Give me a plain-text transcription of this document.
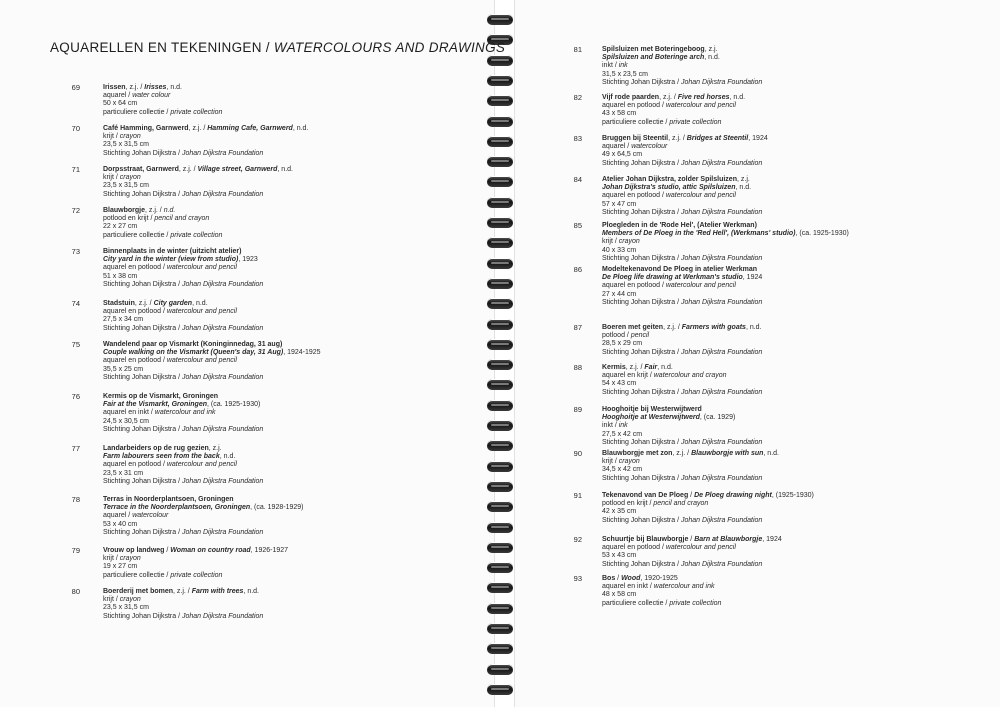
AQUARELLEN EN TEKENINGEN / WATERCOLOURS AND DRAWINGS
69	Irissen, z.j. / Irisses, n.d.
aquarel / water colour
50 x 64 cm
particuliere collectie / private collection
70	Café Hamming, Garnwerd, z.j. / Hamming Cafe, Garnwerd, n.d.
krijt / crayon
23,5 x 31,5 cm
Stichting Johan Dijkstra / Johan Dijkstra Foundation
71	Dorpsstraat, Garnwerd, z.j. / Village street, Garnwerd, n.d.
krijt / crayon
23,5 x 31,5 cm
Stichting Johan Dijkstra / Johan Dijkstra Foundation
72	Blauwborgje, z.j. / n.d.
potlood en krijt / pencil and crayon
22 x 27 cm
particuliere collectie / private collection
73	Binnenplaats in de winter (uitzicht atelier)
City yard in the winter (view from studio), 1923
aquarel en potlood / watercolour and pencil
51 x 38 cm
Stichting Johan Dijkstra / Johan Dijkstra Foundation
74	Stadstuin, z.j. / City garden, n.d.
aquarel en potlood / watercolour and pencil
27,5 x 34 cm
Stichting Johan Dijkstra / Johan Dijkstra Foundation
75	Wandelend paar op Vismarkt (Koninginnedag, 31 aug)
Couple walking on the Vismarkt (Queen's day, 31 Aug), 1924-1925
aquarel en potlood / watercolour and pencil
35,5 x 25 cm
Stichting Johan Dijkstra / Johan Dijkstra Foundation
76	Kermis op de Vismarkt, Groningen
Fair at the Vismarkt, Groningen, (ca. 1925-1930)
aquarel en inkt / watercolour and ink
24,5 x 30,5 cm
Stichting Johan Dijkstra / Johan Dijkstra Foundation
77	Landarbeiders op de rug gezien, z.j.
Farm labourers seen from the back, n.d.
aquarel en potlood / watercolour and pencil
23,5 x 31 cm
Stichting Johan Dijkstra / Johan Dijkstra Foundation
78	Terras in Noorderplantsoen, Groningen
Terrace in the Noorderplantsoen, Groningen, (ca. 1928-1929)
aquarel / watercolour
53 x 40 cm
Stichting Johan Dijkstra / Johan Dijkstra Foundation
79	Vrouw op landweg / Woman on country road, 1926-1927
krijt / crayon
19 x 27 cm
particuliere collectie / private collection
80	Boerderij met bomen, z.j. / Farm with trees, n.d.
krijt / crayon
23,5 x 31,5 cm
Stichting Johan Dijkstra / Johan Dijkstra Foundation
81	Spilsluizen met Boteringeboog, z.j.
Spilsluizen and Boteringe arch, n.d.
inkt / ink
31,5 x 23,5 cm
Stichting Johan Dijkstra / Johan Dijkstra Foundation
82	Vijf rode paarden, z.j. / Five red horses, n.d.
aquarel en potlood / watercolour and pencil
43 x 58 cm
particuliere collectie / private collection
83	Bruggen bij Steentil, z.j. / Bridges at Steentil, 1924
aquarel / watercolour
49 x 64,5 cm
Stichting Johan Dijkstra / Johan Dijkstra Foundation
84	Atelier Johan Dijkstra, zolder Spilsluizen, z.j.
Johan Dijkstra's studio, attic Spilsluizen, n.d.
aquarel en potlood / watercolour and pencil
57 x 47 cm
Stichting Johan Dijkstra / Johan Dijkstra Foundation
85	Ploegleden in de 'Rode Hel', (Atelier Werkman)
Members of De Ploeg in the 'Red Hell', (Werkmans' studio), (ca. 1925-1930)
krijt / crayon
40 x 33 cm
Stichting Johan Dijkstra / Johan Dijkstra Foundation
86	Modeltekenavond De Ploeg in atelier Werkman
De Ploeg life drawing at Werkman's studio, 1924
aquarel en potlood / watercolour and pencil
27 x 44 cm
Stichting Johan Dijkstra / Johan Dijkstra Foundation
87	Boeren met geiten, z.j. / Farmers with goats, n.d.
potlood / pencil
28,5 x 29 cm
Stichting Johan Dijkstra / Johan Dijkstra Foundation
88	Kermis, z.j. / Fair, n.d.
aquarel en krijt / watercolour and crayon
54 x 43 cm
Stichting Johan Dijkstra / Johan Dijkstra Foundation
89	Hooghoitje bij Westerwijtwerd
Hooghoitje at Westerwijtwerd, (ca. 1929)
inkt / ink
27,5 x 42 cm
Stichting Johan Dijkstra / Johan Dijkstra Foundation
90	Blauwborgje met zon, z.j. / Blauwborgje with sun, n.d.
krijt / crayon
34,5 x 42 cm
Stichting Johan Dijkstra / Johan Dijkstra Foundation
91	Tekenavond van De Ploeg / De Ploeg drawing night, (1925-1930)
potlood en krijt / pencil and crayon
42 x 35 cm
Stichting Johan Dijkstra / Johan Dijkstra Foundation
92	Schuurtje bij Blauwborgje / Barn at Blauwborgje, 1924
aquarel en potlood / watercolour and pencil
53 x 43 cm
Stichting Johan Dijkstra / Johan Dijkstra Foundation
93	Bos / Wood, 1920-1925
aquarel en inkt / watercolour and ink
48 x 58 cm
particuliere collectie / private collection
